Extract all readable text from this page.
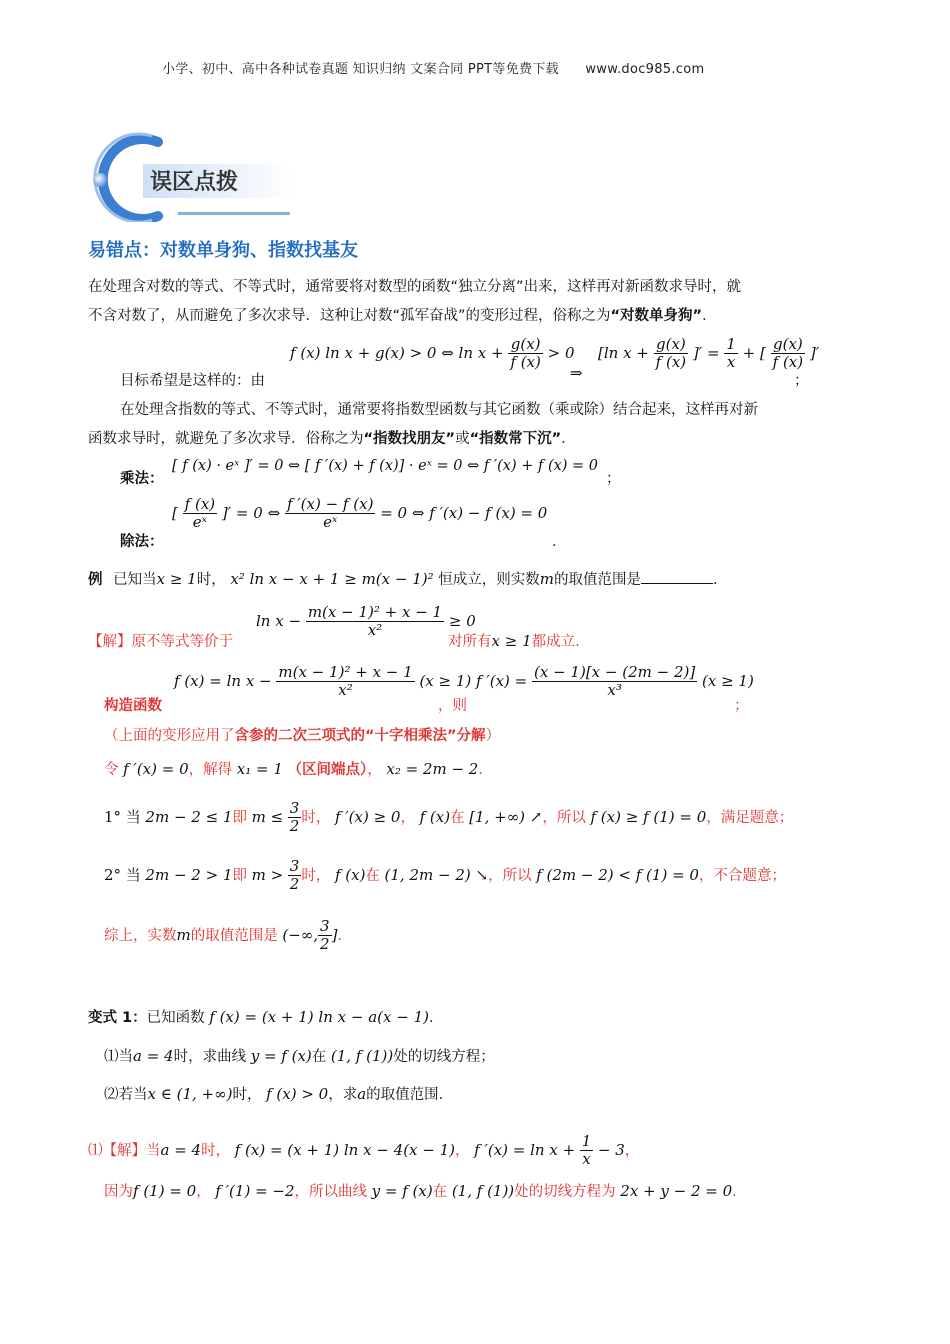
小学、初中、高中各种试卷真题 知识归纳 文案合同 PPT等免费下载 www.doc985.com
误区点拨
易错点：对数单身狗、指数找基友
在处理含对数的等式、不等式时，通常要将对数型的函数“独立分离”出来，这样再对新函数求导时，就
不含对数了，从而避免了多次求导．这种让对数“孤军奋战”的变形过程，俗称之为“对数单身狗”．
f (x) ln x + g(x) > 0 ⇔ $\ln x + \frac{g(x)}{f (x)} > 0$
目标希望是这样的：由	⇒
[ln $x + \frac{g(x)}{f (x)}$ ]′ = $\frac{1}{x}$ + [ $\frac{g(x)}{f (x)}$ ]′
；
在处理含指数的等式、不等式时，通常要将指数型函数与其它函数（乘或除）结合起来，这样再对新
函数求导时，就避免了多次求导．俗称之为“指数找朋友”或“指数常下沉”．
乘法：
[ f (x) · eˣ ]′ = 0 ⇔ [ f ′(x) + f (x)] · eˣ = 0 ⇔ f ′(x) + f (x) = 0
；
除法：
[ $\frac{f (x)}{\text{eˣ}}$ ]′ = 0 ⇔ $\frac{f '(x) - f (x)}{\text{eˣ}} = 0$ ⇔ f ′(x) − f (x) = 0
．
例 已知当x ≥ 1时， x² ln x − x + 1 ≥ m(x − 1)² 恒成立，则实数m的取值范围是	．
$\ln x - \frac{\text{m(x − 1)² + x − 1}}{\text{x²}} \ge 0$
【解】原不等式等价于	对所有x ≥ 1都成立.
构造函数
f $(x) = \ln x - \frac{\text{m(x − 1)² + x − 1}}{\text{x²}} (x \ge 1)$
，则
f $'(x) = \frac{(x - 1)[x - (2m - 2)]}{\text{x³}} (x \ge 1)$
；
（上面的变形应用了含参的二次三项式的“十字相乘法”分解）
令 f ′(x) = 0，解得 x₁ = 1 （区间端点）， x₂ = 2m − 2．
1° 当 2m − 2 ≤ 1即 $m \le \frac{3}{2}$ 时， f ′(x) ≥ 0， f (x)在 [1, +∞) ↗，所以 f (x) ≥ f (1) = 0，满足题意；
2° 当 2m − 2 > 1即 $m > \frac{3}{2}$ 时， f (x)在 (1, 2m − 2) ↘，所以 f (2m − 2) < f (1) = 0，不合题意；
综上，实数m的取值范围是 (−∞, $\frac{3}{2}$ ]．
变式 1：已知函数 f (x) = (x + 1) ln x − a(x − 1)．
⑴当a = 4时，求曲线 y = f (x)在 (1, f (1))处的切线方程；
⑵若当x ∈ (1, +∞)时， f (x) > 0，求a的取值范围．
⑴【解】当a = 4时， f (x) = (x + 1) ln x − 4(x − 1)， f $'(x) = \ln x + \frac{1}{x} - 3$，
因为f (1) = 0， f ′(1) = −2，所以曲线 y = f (x)在 (1, f (1))处的切线方程为 2x + y − 2 = 0．
